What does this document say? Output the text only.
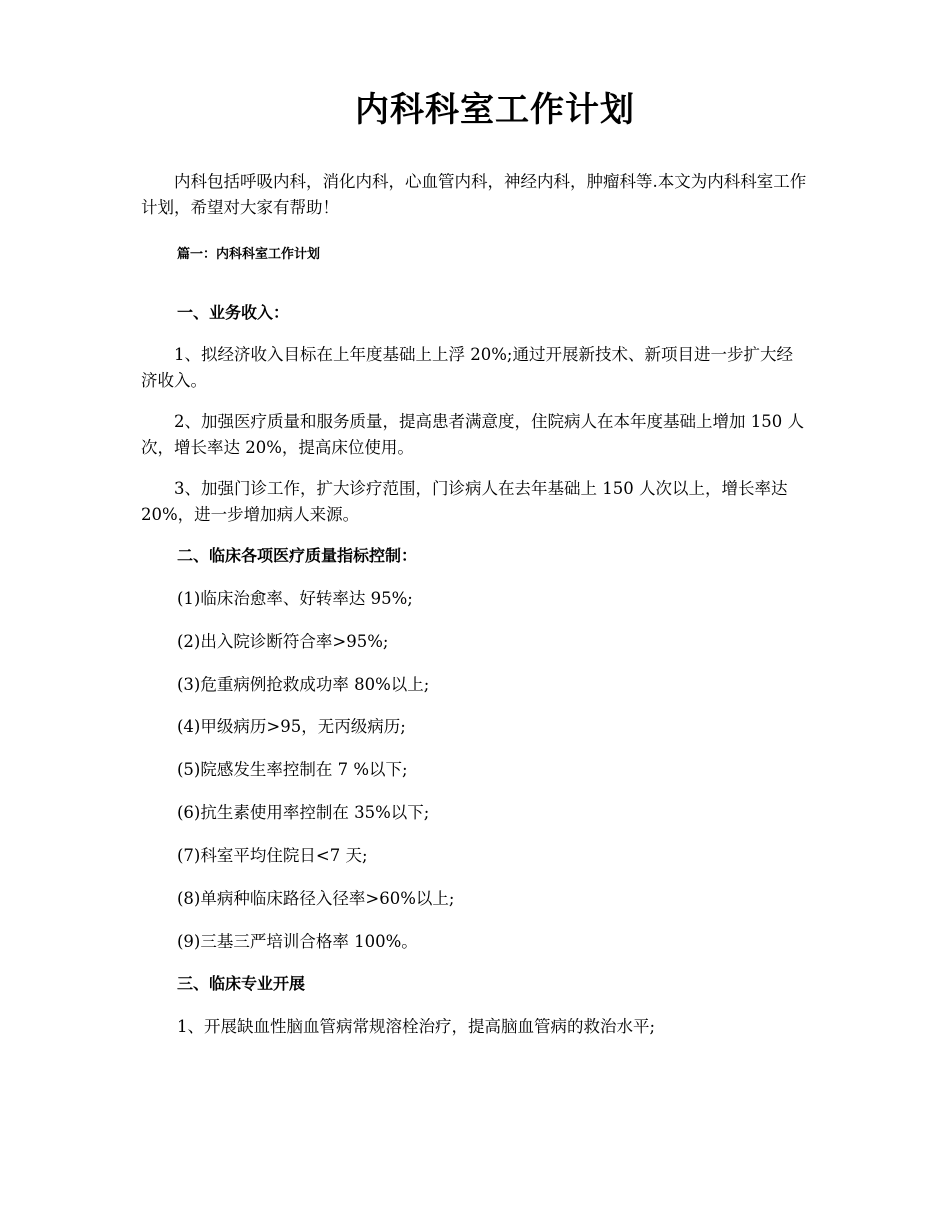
内科科室工作计划

内科包括呼吸内科，消化内科，心血管内科，神经内科，肿瘤科等.本文为内科科室工作计划，希望对大家有帮助！

篇一：内科科室工作计划
一、业务收入：

1、拟经济收入目标在上年度基础上上浮 20%;通过开展新技术、新项目进一步扩大经济收入。

2、加强医疗质量和服务质量，提高患者满意度，住院病人在本年度基础上增加 150 人次，增长率达 20%，提高床位使用。

3、加强门诊工作，扩大诊疗范围，门诊病人在去年基础上 150 人次以上，增长率达 20%，进一步增加病人来源。

二、临床各项医疗质量指标控制：
(1)临床治愈率、好转率达 95%;
(2)出入院诊断符合率>95%;
(3)危重病例抢救成功率 80%以上;
(4)甲级病历>95，无丙级病历;
(5)院感发生率控制在 7 %以下;
(6)抗生素使用率控制在 35%以下;
(7)科室平均住院日<7 天;
(8)单病种临床路径入径率>60%以上;
(9)三基三严培训合格率 100%。
三、临床专业开展
1、开展缺血性脑血管病常规溶栓治疗，提高脑血管病的救治水平;
